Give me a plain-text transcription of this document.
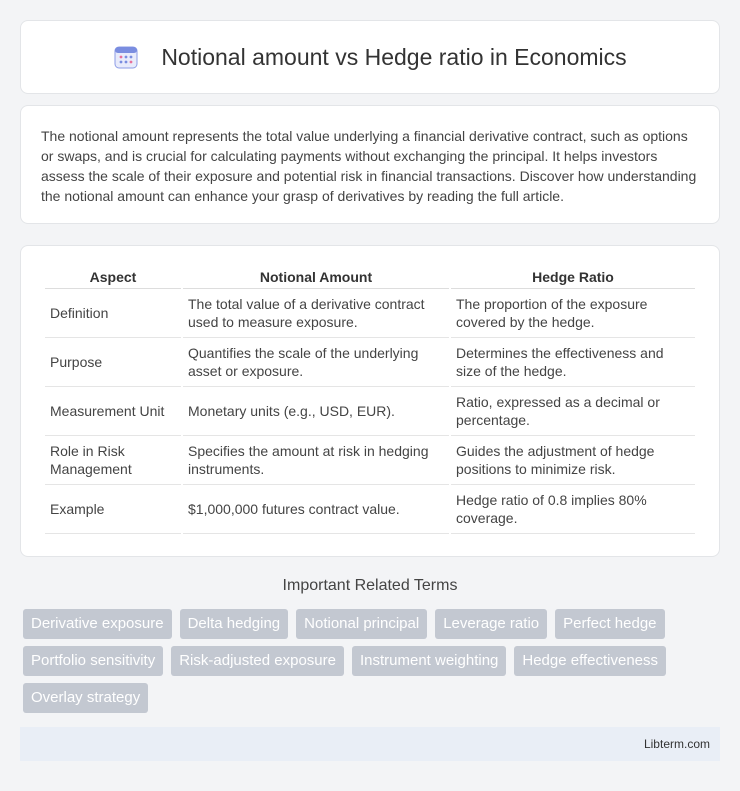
Notional amount vs Hedge ratio in Economics

The notional amount represents the total value underlying a financial derivative contract, such as options or swaps, and is crucial for calculating payments without exchanging the principal. It helps investors assess the scale of their exposure and potential risk in financial transactions. Discover how understanding the notional amount can enhance your grasp of derivatives by reading the full article.

Aspect	Notional Amount	Hedge Ratio
Definition	The total value of a derivative contract used to measure exposure.	The proportion of the exposure covered by the hedge.
Purpose	Quantifies the scale of the underlying asset or exposure.	Determines the effectiveness and size of the hedge.
Measurement Unit	Monetary units (e.g., USD, EUR).	Ratio, expressed as a decimal or percentage.
Role in Risk Management	Specifies the amount at risk in hedging instruments.	Guides the adjustment of hedge positions to minimize risk.
Example	$1,000,000 futures contract value.	Hedge ratio of 0.8 implies 80% coverage.
Important Related Terms
Derivative exposure	Delta hedging	Notional principal	Leverage ratio	Perfect hedge
Portfolio sensitivity	Risk-adjusted exposure	Instrument weighting	Hedge effectiveness
Overlay strategy
Libterm.com
